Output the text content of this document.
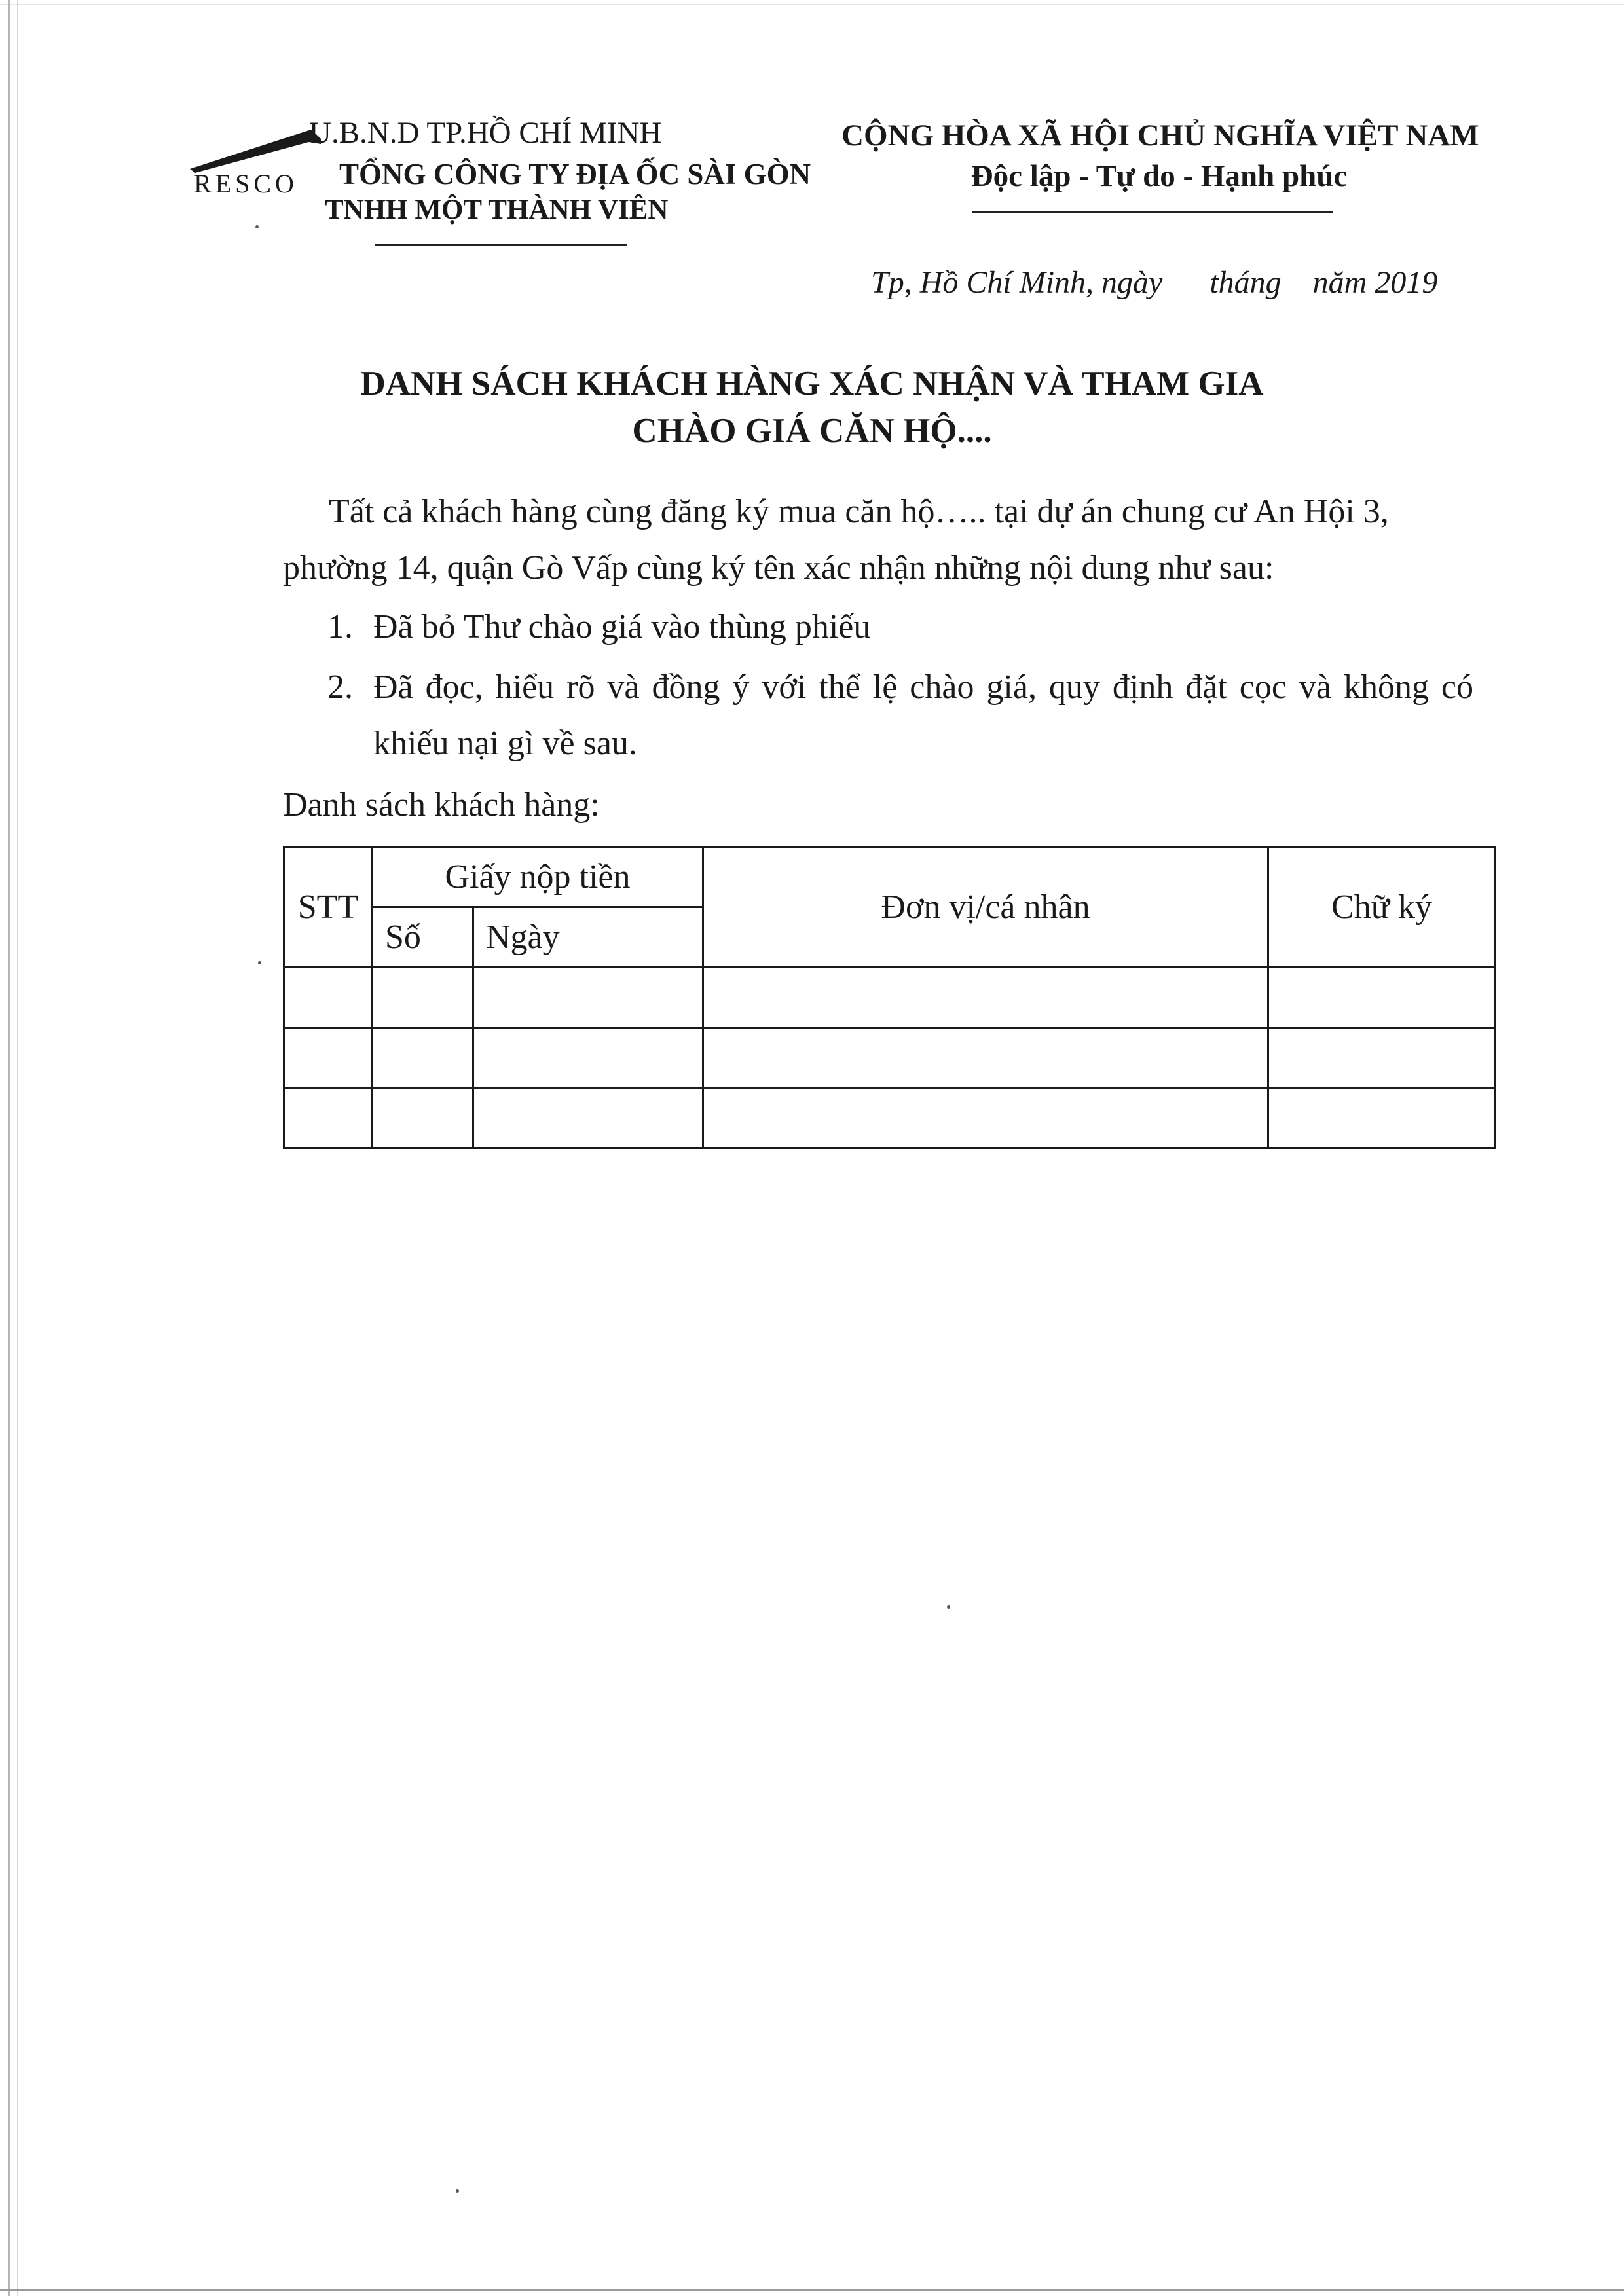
RESCO
U.B.N.D TP.HỒ CHÍ MINH
TỔNG CÔNG TY ĐỊA ỐC SÀI GÒN
TNHH MỘT THÀNH VIÊN
CỘNG HÒA XÃ HỘI CHỦ NGHĨA VIỆT NAM
Độc lập - Tự do - Hạnh phúc
Tp, Hồ Chí Minh, ngày      tháng    năm 2019
DANH SÁCH KHÁCH HÀNG XÁC NHẬN VÀ THAM GIA
CHÀO GIÁ CĂN HỘ....
Tất cả khách hàng cùng đăng ký mua căn hộ….. tại dự án chung cư An Hội 3,
phường 14, quận Gò Vấp cùng ký tên xác nhận những nội dung như sau:
1. Đã bỏ Thư chào giá vào thùng phiếu
2. Đã đọc, hiểu rõ và đồng ý với thể lệ chào giá, quy định đặt cọc và không có
khiếu nại gì về sau.
Danh sách khách hàng:
STT	Giấy nộp tiền		Đơn vị/cá nhân	Chữ ký
	Số	Ngày		
